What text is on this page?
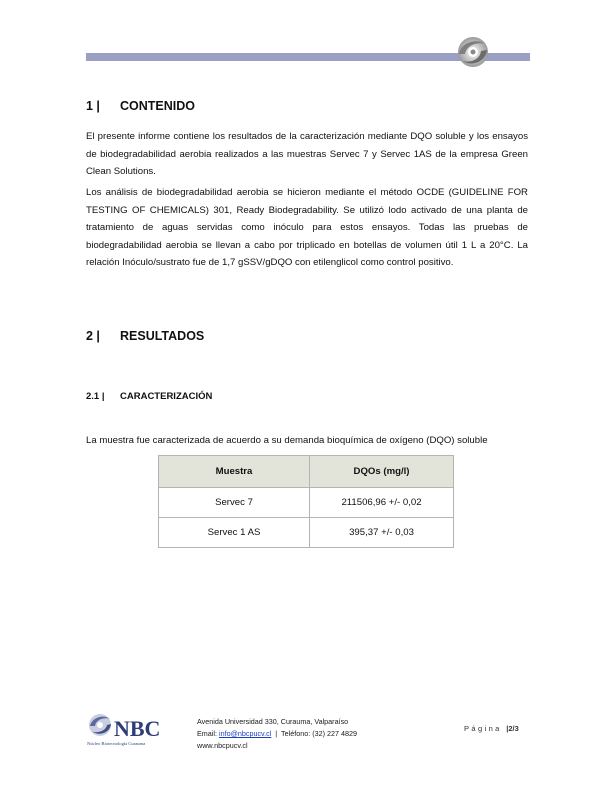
1 |	CONTENIDO

El presente informe contiene los resultados de la caracterización mediante DQO soluble y los ensayos de biodegradabilidad aerobia realizados a las muestras Servec 7 y Servec 1AS de la empresa Green Clean Solutions.

Los análisis de biodegradabilidad aerobia se hicieron mediante el método OCDE (GUIDELINE FOR TESTING OF CHEMICALS) 301, Ready Biodegradability. Se utilizó lodo activado de una planta de tratamiento de aguas servidas como inóculo para estos ensayos. Todas las pruebas de biodegradabilidad aerobia se llevan a cabo por triplicado en botellas de volumen útil 1 L a 20°C. La relación Inóculo/sustrato fue de 1,7 gSSV/gDQO con etilenglicol como control positivo.

2 |	RESULTADOS
2.1 |	CARACTERIZACIÓN

La muestra fue caracterizada de acuerdo a su demanda bioquímica de oxígeno (DQO) soluble

Muestra	DQOs (mg/l)
Servec 7	211506,96 +/- 0,02
Servec 1 AS	395,37 +/- 0,03
NBC
Núcleo Biotecnología Curauma
Avenida Universidad 330, Curauma, Valparaíso
Email: info@nbcpucv.cl | Teléfono: (32) 227 4829
www.nbcpucv.cl
Página |2/3
